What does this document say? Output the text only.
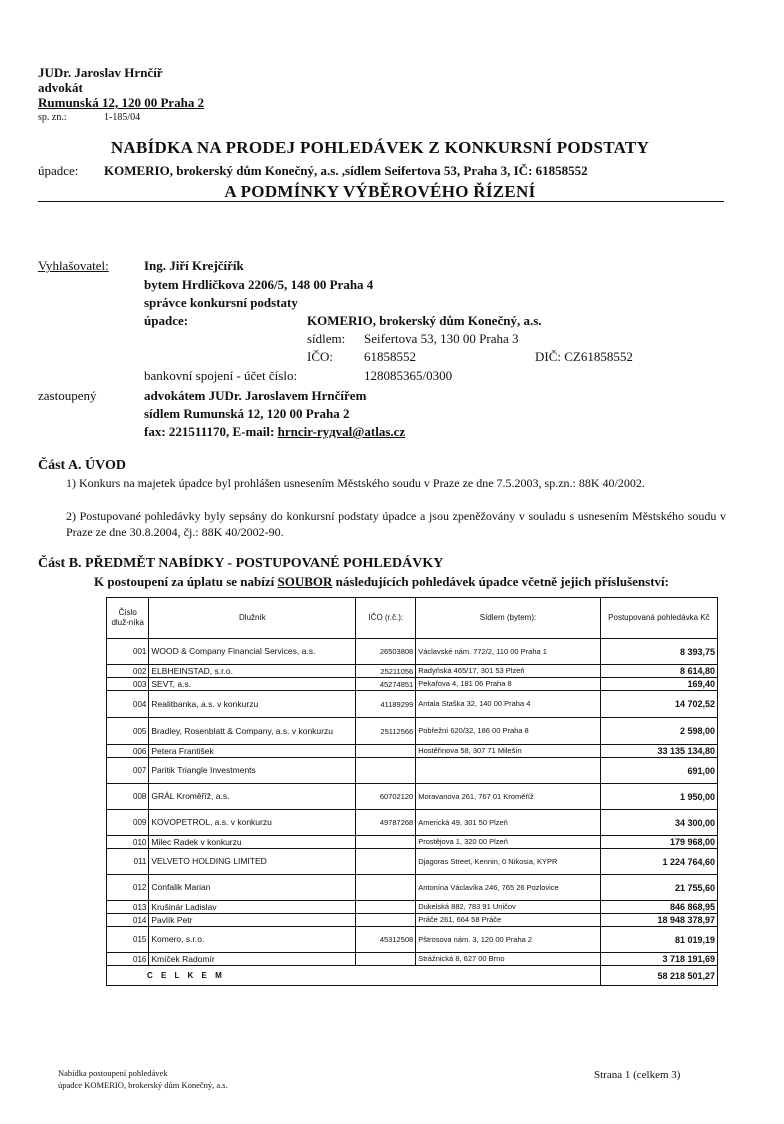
JUDr. Jaroslav Hrnčíř
advokát
Rumunská 12, 120 00 Praha 2
sp. zn.:	1-185/04
NABÍDKA NA PRODEJ POHLEDÁVEK Z KONKURSNÍ PODSTATY
úpadce: KOMERIO, brokerský dům Konečný, a.s. ,sídlem Seifertova 53, Praha 3, IČ: 61858552
A PODMÍNKY VÝBĚROVÉHO ŘÍZENÍ
Vyhlašovatel:	Ing. Jiří Krejčířík
bytem Hrdličkova 2206/5, 148 00 Praha 4
správce konkursní podstaty
úpadce:	KOMERIO, brokerský dům Konečný, a.s.
sídlem: Seifertova 53, 130 00 Praha 3
IČO: 61858552	DIČ: CZ61858552
bankovní spojení - účet číslo:	128085365/0300
zastoupený	advokátem JUDr. Jaroslavem Hrnčířem
sídlem Rumunská 12, 120 00 Praha 2
fax: 221511170, E-mail: hrncir-ryдval@atlas.cz
Část A. ÚVOD
1) Konkurs na majetek úpadce byl prohlášen usnesením Městského soudu v Praze ze dne 7.5.2003, sp.zn.: 88K 40/2002.
2) Postupované pohledávky byly sepsány do konkursní podstaty úpadce a jsou zpeněžovány v souladu s usnesením Městského soudu v Praze ze dne 30.8.2004, čj.: 88K 40/2002-90.
Část B. PŘEDMĚT NABÍDKY - POSTUPOVANÉ POHLEDÁVKY
K postoupení za úplatu se nabízí SOUBOR následujících pohledávek úpadce včetně jejich příslušenství:
Číslo dluž-níka	Dlužník	IČO (r.č.):	Sídlem (bytem):	Postupovaná pohledávka Kč
001	WOOD & Company Financial Services, a.s.	26503808	Václavské nám. 772/2, 110 00 Praha 1	8 393,75
002	ELBHEINSTAD, s.r.o.	25211056	Radyňská 465/17, 301 53 Plzeň	8 614,80
003	SEVT, a.s.	45274851	Pekařova 4, 181 06 Praha 8	169,40
004	Realitbanka, a.s. v konkurzu	41189299	Antala Staška 32, 140 00 Praha 4	14 702,52
005	Bradley, Rosenblatt & Company, a.s. v konkurzu	25112566	Pobřežní 620/32, 186 00 Praha 8	2 598,00
006	Petera František		Hostěřinova 58, 307 71 Milešín	33 135 134,80
007	Paritik Triangle Investments			691,00
008	GRÁL Kroměříž, a.s.	60702120	Moravanova 261, 767 01 Kroměříž	1 950,00
009	KOVOPETROL, a.s. v konkurzu	49787268	Americká 49, 301 50 Plzeň	34 300,00
010	Milec Radek v konkurzu		Prostějova 1, 320 00 Plzeň	179 968,00
011	VELVETO HOLDING LIMITED		Djagoras Street, Kennin, 0 Nikosia, KYPR	1 224 764,60
012	Confalik Marian		Antonína Václavíka 246, 765 26 Pozlovice	21 755,60
013	Krušinár Ladislav		Dukelská 882, 783 91 Uničov	846 868,95
014	Pavlík Petr		Práče 261, 664 58 Práče	18 948 378,97
015	Komero, s.r.o.	45312508	Pštrosova nám. 3, 120 00 Praha 2	81 019,19
016	Kmíček Radomír		Strážnická 8, 627 00 Brno	3 718 191,69
C E L K E M				58 218 501,27
Nabídka postoupení pohledávek
úpadce KOMERIO, brokerský dům Konečný, a.s.
Strana 1 (celkem 3)
